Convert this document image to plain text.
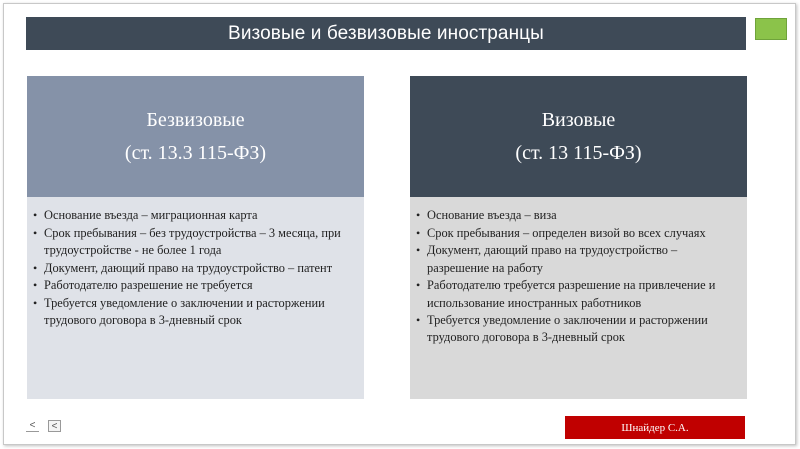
Визовые и безвизовые иностранцы
Безвизовые
(ст. 13.3 115-ФЗ)
• Основание въезда – миграционная карта
• Срок пребывания – без трудоустройства – 3 месяца, при трудоустройстве - не более 1 года
• Документ, дающий право на трудоустройство – патент
• Работодателю разрешение не требуется
• Требуется уведомление о заключении и расторжении трудового договора в 3-дневный срок
Визовые
(ст. 13 115-ФЗ)
• Основание въезда – виза
• Срок пребывания – определен визой во всех случаях
• Документ, дающий право на трудоустройство – разрешение на работу
• Работодателю требуется разрешение на привлечение и использование иностранных работников
• Требуется уведомление о заключении и расторжении трудового договора в 3-дневный срок
<	<	Шнайдер С.А.
